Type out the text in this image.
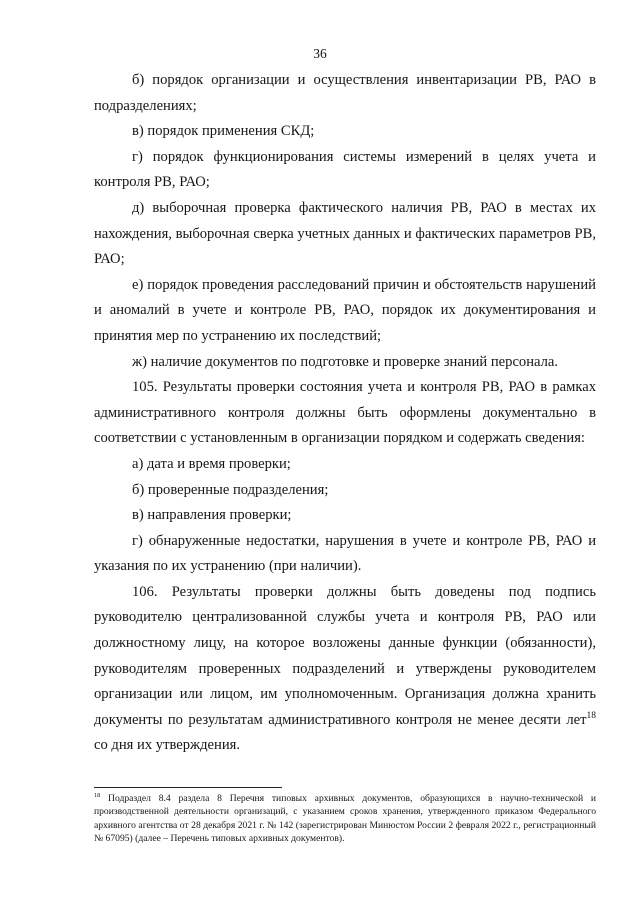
36

б) порядок организации и осуществления инвентаризации РВ, РАО в подразделениях;

в) порядок применения СКД;

г) порядок функционирования системы измерений в целях учета и контроля РВ, РАО;

д) выборочная проверка фактического наличия РВ, РАО в местах их нахождения, выборочная сверка учетных данных и фактических параметров РВ, РАО;

е) порядок проведения расследований причин и обстоятельств нарушений и аномалий в учете и контроле РВ, РАО, порядок их документирования и принятия мер по устранению их последствий;

ж) наличие документов по подготовке и проверке знаний персонала.

105. Результаты проверки состояния учета и контроля РВ, РАО в рамках административного контроля должны быть оформлены документально в соответствии с установленным в организации порядком и содержать сведения:

а) дата и время проверки;

б) проверенные подразделения;

в) направления проверки;

г) обнаруженные недостатки, нарушения в учете и контроле РВ, РАО и указания по их устранению (при наличии).

106. Результаты проверки должны быть доведены под подпись руководителю централизованной службы учета и контроля РВ, РАО или должностному лицу, на которое возложены данные функции (обязанности), руководителям проверенных подразделений и утверждены руководителем организации или лицом, им уполномоченным. Организация должна хранить документы по результатам административного контроля не менее десяти лет$^{18}$ со дня их утверждения.

$^{18}$ Подраздел 8.4 раздела 8 Перечня типовых архивных документов, образующихся в научно-технической и производственной деятельности организаций, с указанием сроков хранения, утвержденного приказом Федерального архивного агентства от 28 декабря 2021 г. № 142 (зарегистрирован Минюстом России 2 февраля 2022 г., регистрационный № 67095) (далее – Перечень типовых архивных документов).
